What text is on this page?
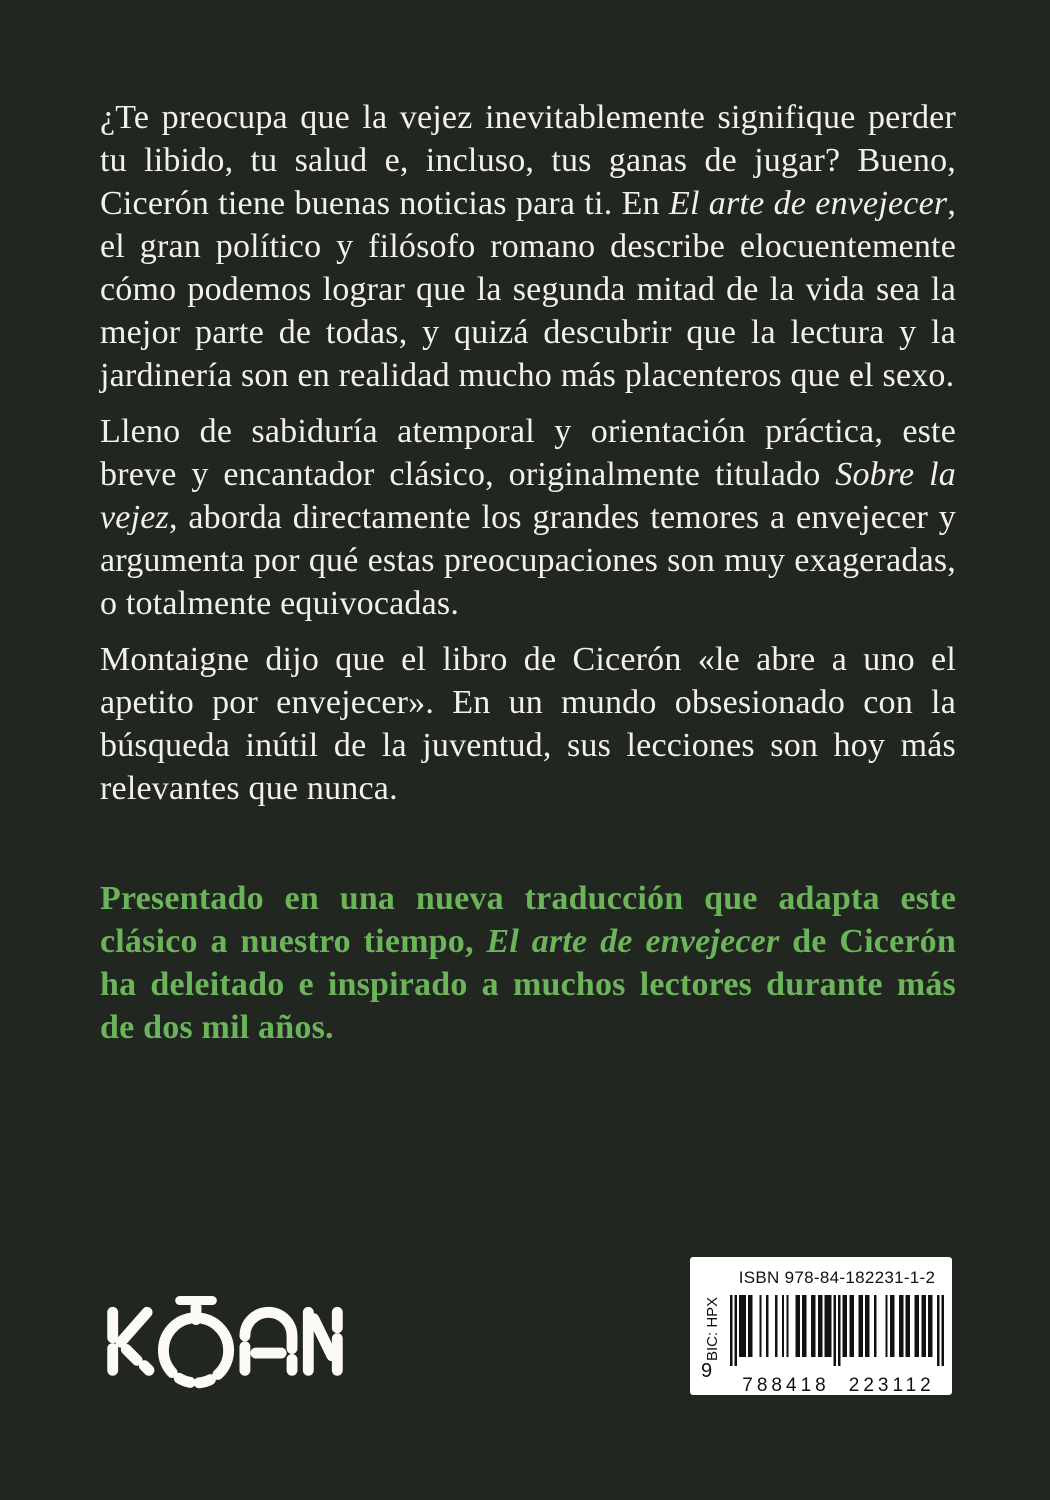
¿Te preocupa que la vejez inevitablemente signifique perder tu libido, tu salud e, incluso, tus ganas de jugar? Bueno, Cicerón tiene buenas noticias para ti. En El arte de envejecer, el gran político y filósofo romano describe elocuentemente cómo podemos lograr que la segunda mitad de la vida sea la mejor parte de todas, y quizá descubrir que la lectura y la jardinería son en realidad mucho más placenteros que el sexo.

Lleno de sabiduría atemporal y orientación práctica, este breve y encantador clásico, originalmente titulado Sobre la vejez, aborda directamente los grandes temores a envejecer y argumenta por qué estas preocupaciones son muy exageradas, o totalmente equivocadas.

Montaigne dijo que el libro de Cicerón «le abre a uno el apetito por envejecer». En un mundo obsesionado con la búsqueda inútil de la juventud, sus lecciones son hoy más relevantes que nunca.

Presentado en una nueva traducción que adapta este clásico a nuestro tiempo, El arte de envejecer de Cicerón ha deleitado e inspirado a muchos lectores durante más de dos mil años.

ISBN 978-84-182231-1-2
BIC: HPX
9
788418 223112
